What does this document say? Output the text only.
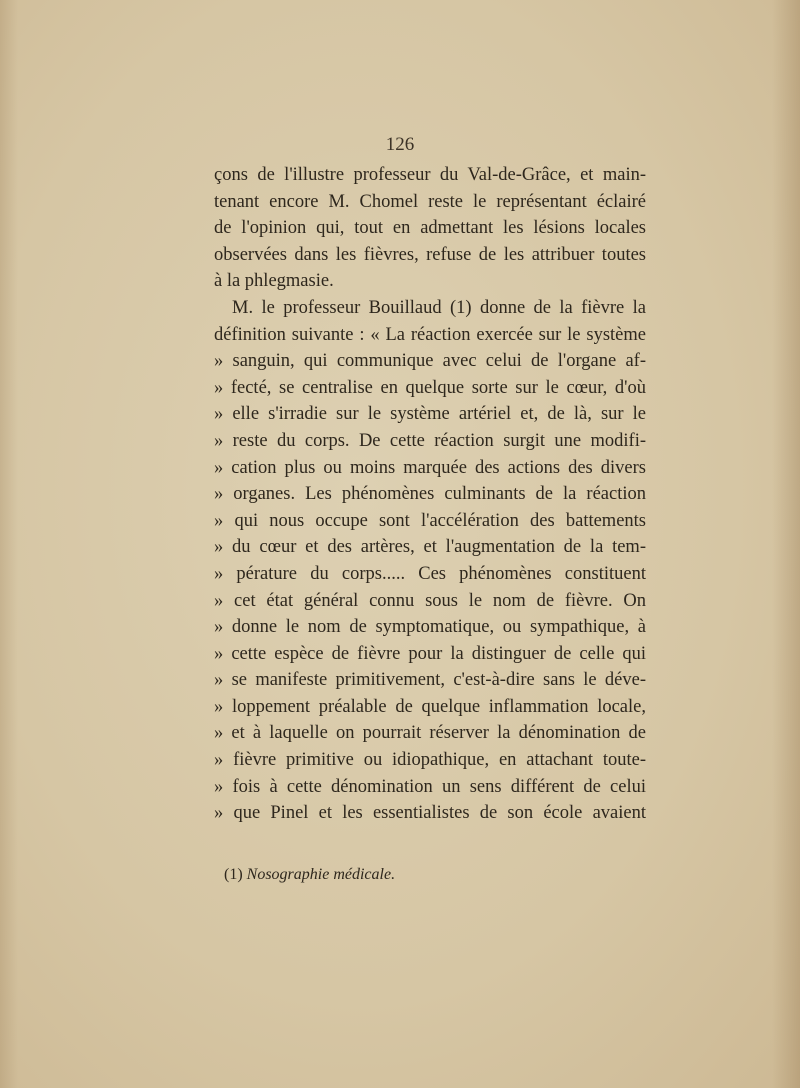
126
çons de l'illustre professeur du Val-de-Grâce, et main-
tenant encore M. Chomel reste le représentant éclairé
de l'opinion qui, tout en admettant les lésions locales
observées dans les fièvres, refuse de les attribuer toutes
à la phlegmasie.
M. le professeur Bouillaud (1) donne de la fièvre la
définition suivante : « La réaction exercée sur le système
» sanguin, qui communique avec celui de l'organe af-
» fecté, se centralise en quelque sorte sur le cœur, d'où
» elle s'irradie sur le système artériel et, de là, sur le
» reste du corps. De cette réaction surgit une modifi-
» cation plus ou moins marquée des actions des divers
» organes. Les phénomènes culminants de la réaction
» qui nous occupe sont l'accélération des battements
» du cœur et des artères, et l'augmentation de la tem-
» pérature du corps..... Ces phénomènes constituent
» cet état général connu sous le nom de fièvre. On
» donne le nom de symptomatique, ou sympathique, à
» cette espèce de fièvre pour la distinguer de celle qui
» se manifeste primitivement, c'est-à-dire sans le déve-
» loppement préalable de quelque inflammation locale,
» et à laquelle on pourrait réserver la dénomination de
» fièvre primitive ou idiopathique, en attachant toute-
» fois à cette dénomination un sens différent de celui
» que Pinel et les essentialistes de son école avaient
(1) Nosographie médicale.
